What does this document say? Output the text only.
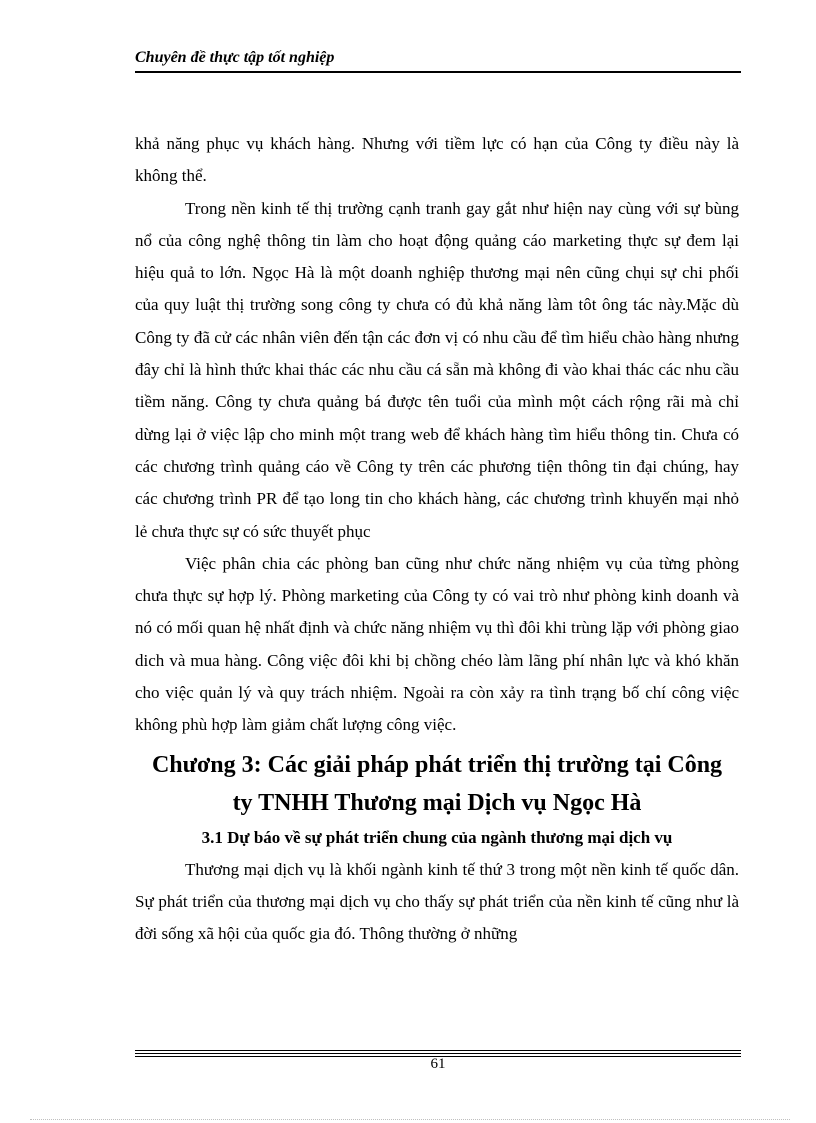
Chuyên đề thực tập tốt nghiệp

khả năng phục vụ khách hàng. Nhưng với tiềm lực có hạn của Công ty điều này là không thể.

Trong nền kinh tế thị trường cạnh tranh gay gắt như hiện nay cùng với sự bùng nổ của công nghệ thông tin làm cho hoạt động quảng cáo marketing thực sự đem lại hiệu quả to lớn. Ngọc Hà là một doanh nghiệp thương mại nên cũng chụi sự chi phối của quy luật thị trường song công ty chưa có đủ khả năng làm tôt ông tác này.Mặc dù Công ty đã cử các nhân viên đến tận các đơn vị có nhu cầu để tìm hiểu chào hàng nhưng đây chỉ là hình thức khai thác các nhu cầu cá sẵn mà không đi vào khai thác các nhu cầu tiềm năng. Công ty chưa quảng bá được tên tuổi của mình một cách rộng rãi mà chỉ dừng lại ở việc lập cho minh một trang web để khách hàng tìm hiểu thông tin. Chưa có các chương trình quảng cáo về Công ty trên các phương tiện thông tin đại chúng, hay các chương trình PR để tạo long tin cho khách hàng, các chương trình khuyến mại nhỏ lẻ chưa thực sự có sức thuyết phục

Việc phân chia các phòng ban cũng như chức năng nhiệm vụ của từng phòng chưa thực sự hợp lý. Phòng marketing của Công ty có vai trò như phòng kinh doanh và nó có mối quan hệ nhất định và chức năng nhiệm vụ thì đôi khi trùng lặp với phòng giao dich và mua hàng. Công việc đôi khi bị chồng chéo làm lãng phí nhân lực và khó khăn cho việc quản lý và quy trách nhiệm. Ngoài ra còn xảy ra tình trạng bố chí công việc không phù hợp làm giảm chất lượng công việc.

Chương 3: Các giải pháp phát triển thị trường tại Công ty TNHH Thương mại Dịch vụ Ngọc Hà
3.1 Dự báo về sự phát triển chung của ngành thương mại dịch vụ

Thương mại dịch vụ là khối ngành kinh tế thứ 3 trong một nền kinh tế quốc dân. Sự phát triển của thương mại dịch vụ cho thấy sự phát triển của nền kinh tế cũng như là đời sống xã hội của quốc gia đó. Thông thường ở những

61
